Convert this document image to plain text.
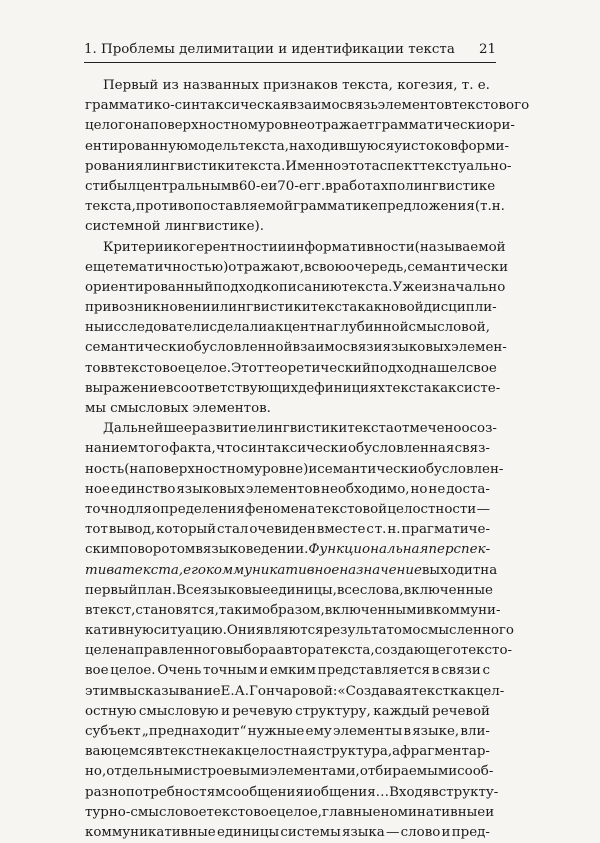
1. Проблемы делимитации и идентификации текста 21
Первый из названных признаков текста, когезия, т. е.
грамматико-синтаксическая взаимосвязь элементов текстового
целого на поверхностном уровне отражает грамматически ори-
ентированную модель текста, находившуюся у истоков форми-
рования лингвистики текста. Именно этот аспект текстуально-
сти был центральным в 60-е и 70-е гг. в работах по лингвистике
текста, противопоставляемой грамматике предложения (т. н.
системной лингвистике).
Критерии когерентности и информативности (называемой
еще тематичностью) отражают, в свою очередь, семантически
ориентированный подход к описанию текста. Уже изначально
при возникновении лингвистики текста как новой дисципли-
ны исследователи сделали акцент на глубинной смысловой,
семантически обусловленной взаимосвязи языковых элемен-
тов в текстовое целое. Этот теоретический подход нашел свое
выражение в соответствующих дефинициях текста как систе-
мы смысловых элементов.
Дальнейшее развитие лингвистики текста отмечено осоз-
нанием того факта, что синтаксически обусловленная связ-
ность (на поверхностном уровне) и семантически обусловлен-
ное единство языковых элементов необходимо, но не доста-
точно для определения феномена текстовой целостности —
тот вывод, который стал очевиден вместе с т. н. прагматиче-
ским поворотом в языковедении. Функциональная перспек-
тива текста, его коммуникативное назначение выходит на
первый план. Все языковые единицы, все слова, включенные
в текст, становятся, таким образом, включенными в коммуни-
кативную ситуацию. Они являются результатом осмысленного
целенаправленного выбора автора текста, создающего тексто-
вое целое. Очень точным и емким представляется в связи с
этим высказывание Е. А. Гончаровой: «Создавая текст как цел-
остную смысловую и речевую структуру, каждый речевой
субъект „преднаходит“ нужные ему элементы в языке, вли-
ваюцемся в текст не как целостная структура, а фрагментар-
но, отдельными строевыми элементами, отбираемыми сооб-
разно потребностям сообщения и общения… Входя в структу-
турно-смысловое текстовое целое, главные номинативные и
коммуникативные единицы системы языка — слово и пред-
